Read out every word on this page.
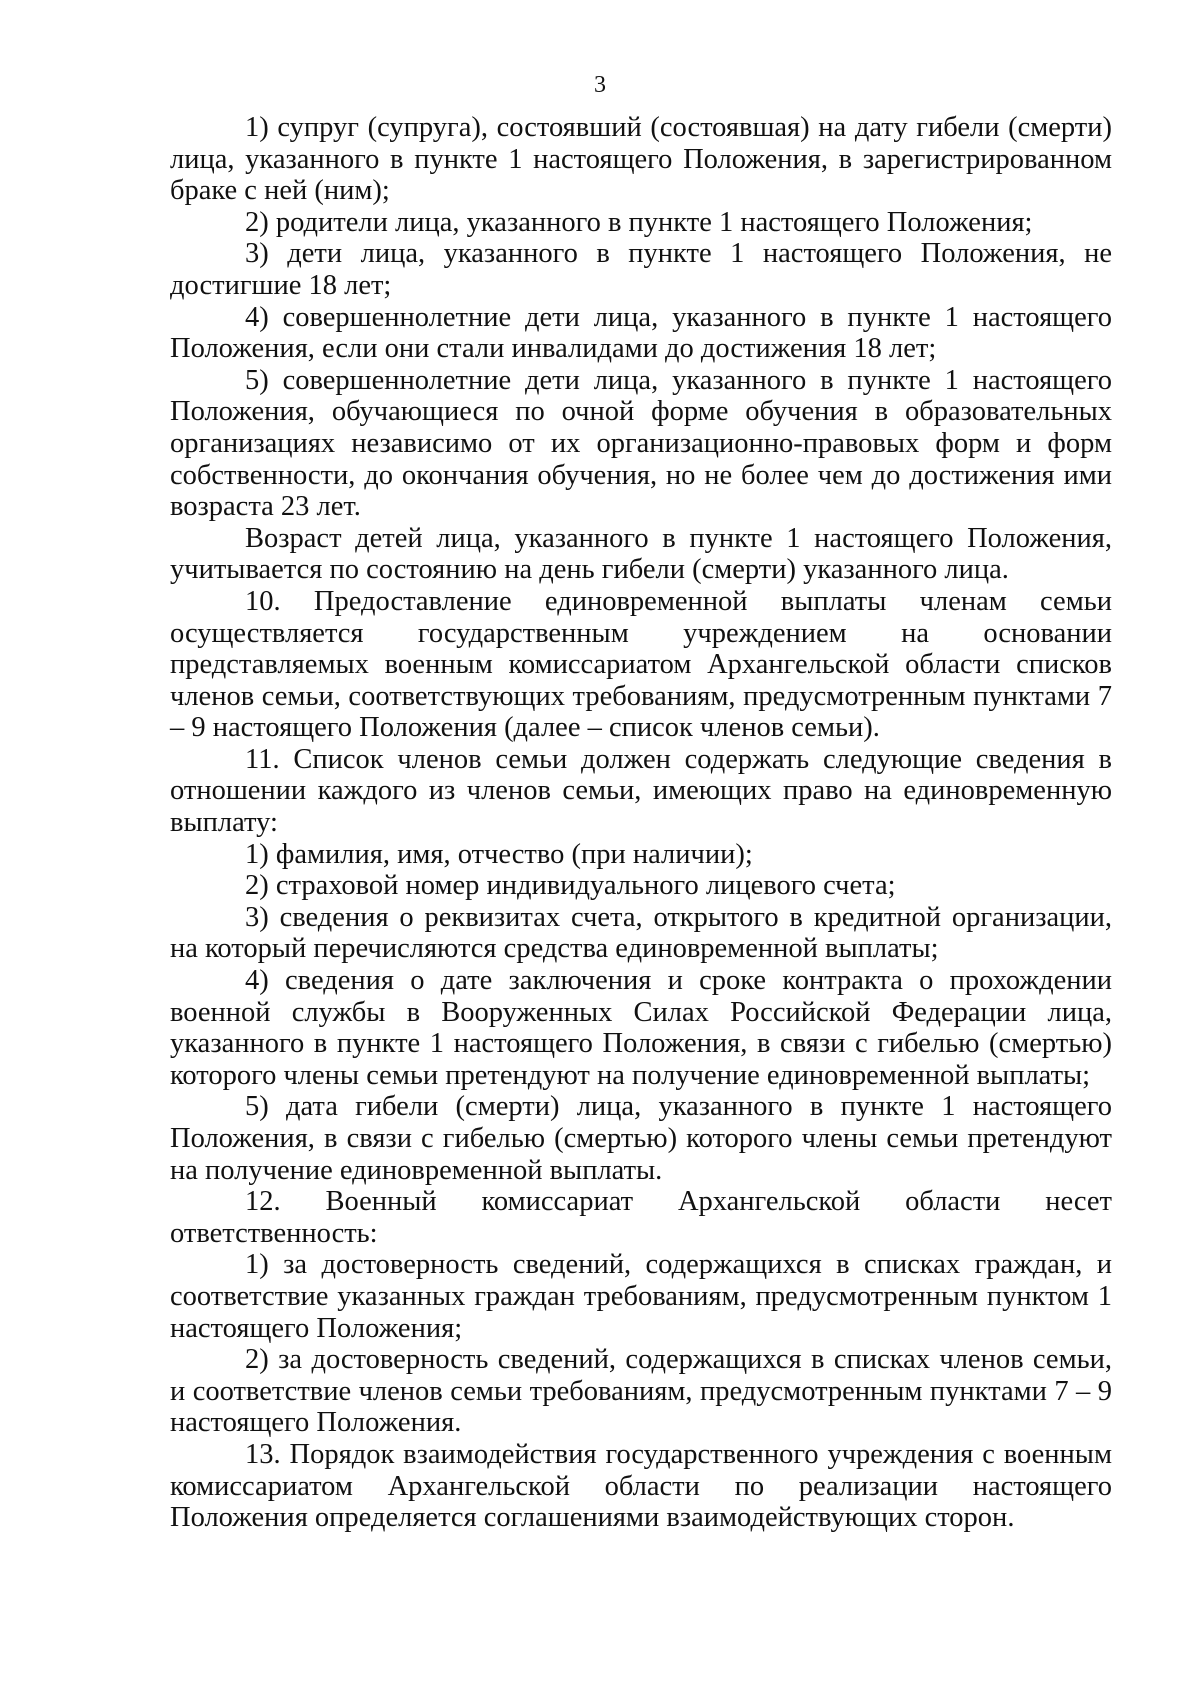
3

1) супруг (супруга), состоявший (состоявшая) на дату гибели (смерти) лица, указанного в пункте 1 настоящего Положения, в зарегистрированном браке с ней (ним);

2) родители лица, указанного в пункте 1 настоящего Положения;

3) дети лица, указанного в пункте 1 настоящего Положения, не достигшие 18 лет;

4) совершеннолетние дети лица, указанного в пункте 1 настоящего Положения, если они стали инвалидами до достижения 18 лет;

5) совершеннолетние дети лица, указанного в пункте 1 настоящего Положения, обучающиеся по очной форме обучения в образовательных организациях независимо от их организационно-правовых форм и форм собственности, до окончания обучения, но не более чем до достижения ими возраста 23 лет.

Возраст детей лица, указанного в пункте 1 настоящего Положения, учитывается по состоянию на день гибели (смерти) указанного лица.

10. Предоставление единовременной выплаты членам семьи осуществляется государственным учреждением на основании представляемых военным комиссариатом Архангельской области списков членов семьи, соответствующих требованиям, предусмотренным пунктами 7 – 9 настоящего Положения (далее – список членов семьи).

11. Список членов семьи должен содержать следующие сведения в отношении каждого из членов семьи, имеющих право на единовременную выплату:

1) фамилия, имя, отчество (при наличии);

2) страховой номер индивидуального лицевого счета;

3) сведения о реквизитах счета, открытого в кредитной организации, на который перечисляются средства единовременной выплаты;

4) сведения о дате заключения и сроке контракта о прохождении военной службы в Вооруженных Силах Российской Федерации лица, указанного в пункте 1 настоящего Положения, в связи с гибелью (смертью) которого члены семьи претендуют на получение единовременной выплаты;

5) дата гибели (смерти) лица, указанного в пункте 1 настоящего Положения, в связи с гибелью (смертью) которого члены семьи претендуют на получение единовременной выплаты.

12. Военный комиссариат Архангельской области несет ответственность:

1) за достоверность сведений, содержащихся в списках граждан, и соответствие указанных граждан требованиям, предусмотренным пунктом 1 настоящего Положения;

2) за достоверность сведений, содержащихся в списках членов семьи, и соответствие членов семьи требованиям, предусмотренным пунктами 7 – 9 настоящего Положения.

13. Порядок взаимодействия государственного учреждения с военным комиссариатом Архангельской области по реализации настоящего Положения определяется соглашениями взаимодействующих сторон.
